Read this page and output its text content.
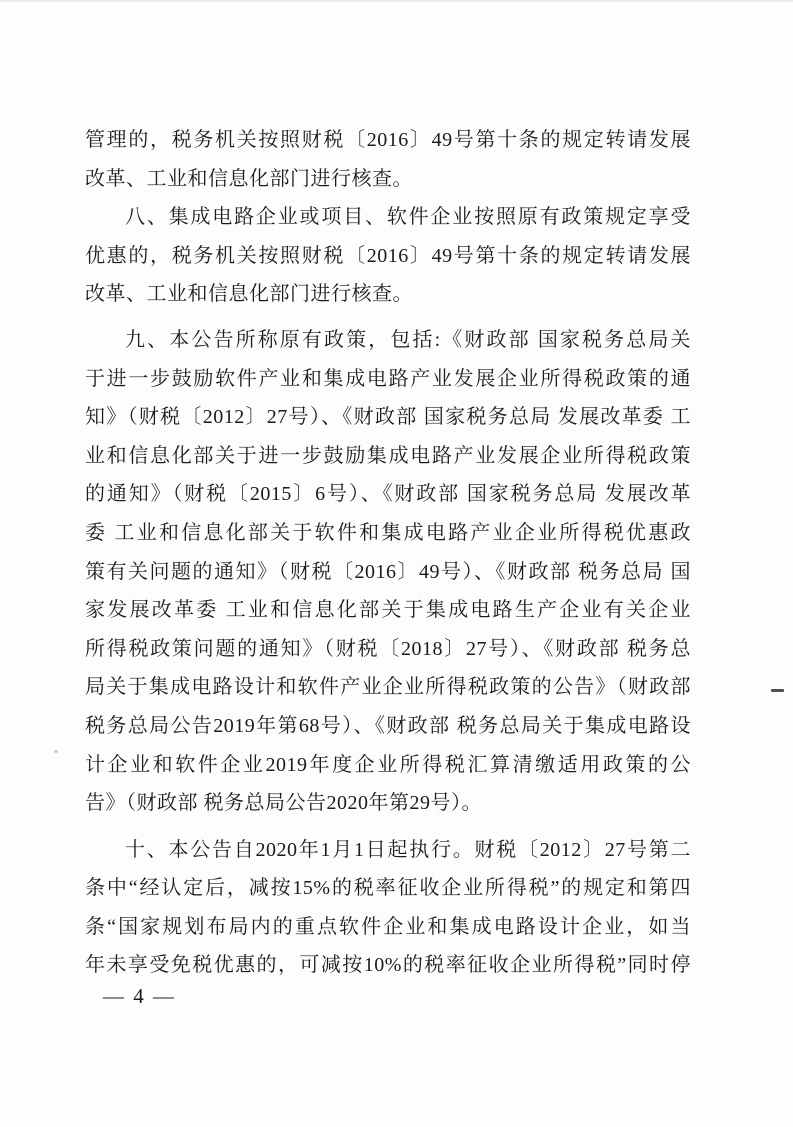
管理的，税务机关按照财税〔2016〕49号第十条的规定转请发展
改革、工业和信息化部门进行核查。
八、集成电路企业或项目、软件企业按照原有政策规定享受
优惠的，税务机关按照财税〔2016〕49号第十条的规定转请发展
改革、工业和信息化部门进行核查。
九、本公告所称原有政策，包括:《财政部 国家税务总局关
于进一步鼓励软件产业和集成电路产业发展企业所得税政策的通
知》（财税〔2012〕27号）、《财政部 国家税务总局 发展改革委 工
业和信息化部关于进一步鼓励集成电路产业发展企业所得税政策
的通知》（财税〔2015〕6号）、《财政部 国家税务总局 发展改革
委 工业和信息化部关于软件和集成电路产业企业所得税优惠政
策有关问题的通知》（财税〔2016〕49号）、《财政部 税务总局 国
家发展改革委 工业和信息化部关于集成电路生产企业有关企业
所得税政策问题的通知》（财税〔2018〕27号）、《财政部 税务总
局关于集成电路设计和软件产业企业所得税政策的公告》（财政部
税务总局公告2019年第68号）、《财政部 税务总局关于集成电路设
计企业和软件企业2019年度企业所得税汇算清缴适用政策的公
告》（财政部 税务总局公告2020年第29号）。
十、本公告自2020年1月1日起执行。财税〔2012〕27号第二
条中“经认定后，减按15%的税率征收企业所得税”的规定和第四
条“国家规划布局内的重点软件企业和集成电路设计企业，如当
年未享受免税优惠的，可减按10%的税率征收企业所得税”同时停
— 4 —
